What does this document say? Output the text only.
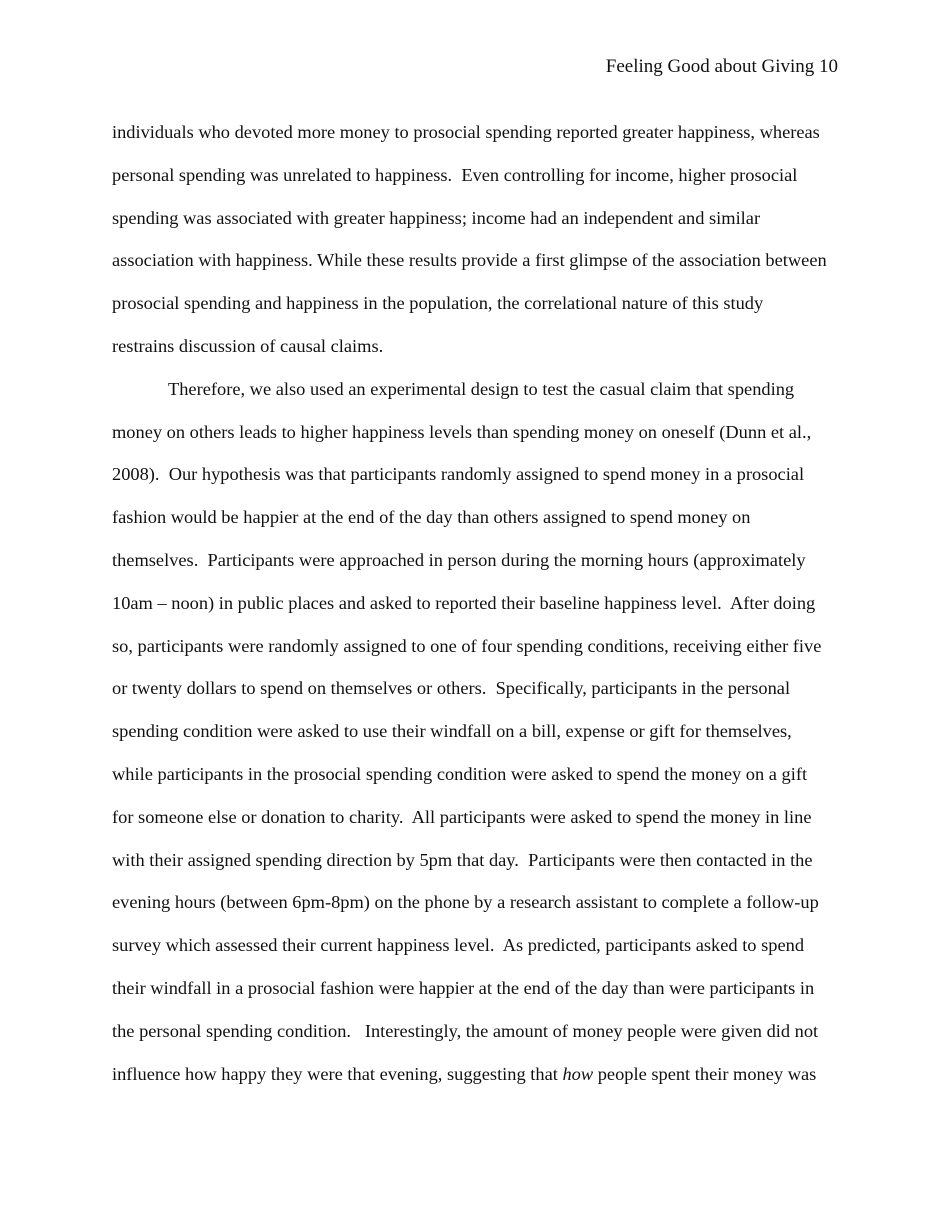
Feeling Good about Giving 10
individuals who devoted more money to prosocial spending reported greater happiness, whereas
personal spending was unrelated to happiness.  Even controlling for income, higher prosocial
spending was associated with greater happiness; income had an independent and similar
association with happiness. While these results provide a first glimpse of the association between
prosocial spending and happiness in the population, the correlational nature of this study
restrains discussion of causal claims.
Therefore, we also used an experimental design to test the casual claim that spending
money on others leads to higher happiness levels than spending money on oneself (Dunn et al.,
2008).  Our hypothesis was that participants randomly assigned to spend money in a prosocial
fashion would be happier at the end of the day than others assigned to spend money on
themselves.  Participants were approached in person during the morning hours (approximately
10am – noon) in public places and asked to reported their baseline happiness level.  After doing
so, participants were randomly assigned to one of four spending conditions, receiving either five
or twenty dollars to spend on themselves or others.  Specifically, participants in the personal
spending condition were asked to use their windfall on a bill, expense or gift for themselves,
while participants in the prosocial spending condition were asked to spend the money on a gift
for someone else or donation to charity.  All participants were asked to spend the money in line
with their assigned spending direction by 5pm that day.  Participants were then contacted in the
evening hours (between 6pm-8pm) on the phone by a research assistant to complete a follow-up
survey which assessed their current happiness level.  As predicted, participants asked to spend
their windfall in a prosocial fashion were happier at the end of the day than were participants in
the personal spending condition.   Interestingly, the amount of money people were given did not
influence how happy they were that evening, suggesting that how people spent their money was
